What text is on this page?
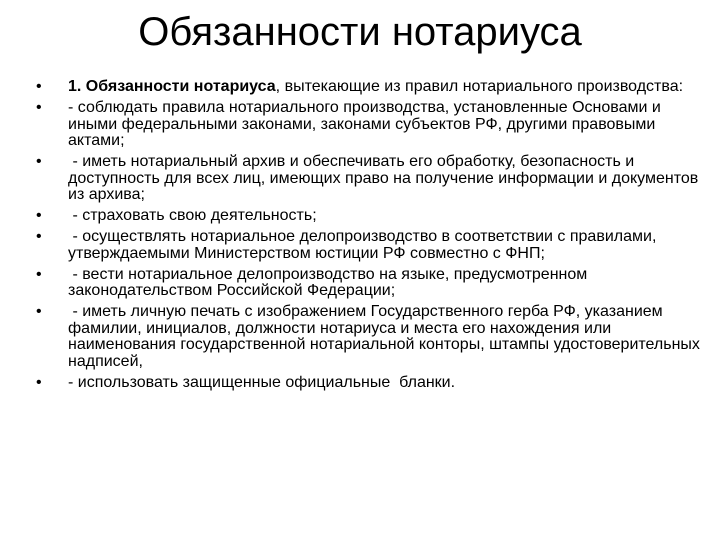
Обязанности нотариуса
•	1. Обязанности нотариуса, вытекающие из правил нотариального производства:
•	- соблюдать правила нотариального производства, установленные Основами и иными федеральными законами, законами субъектов РФ, другими правовыми актами;
•	- иметь нотариальный архив и обеспечивать его обработку, безопасность и доступность для всех лиц, имеющих право на получение информации и документов из архива;
•	- страховать свою деятельность;
•	- осуществлять нотариальное делопроизводство в соответствии с правилами, утверждаемыми Министерством юстиции РФ совместно с ФНП;
•	- вести нотариальное делопроизводство на языке, предусмотренном законодательством Российской Федерации;
•	- иметь личную печать с изображением Государственного герба РФ, указанием фамилии, инициалов, должности нотариуса и места его нахождения или наименования государственной нотариальной конторы, штампы удостоверительных надписей,
•	- использовать защищенные официальные  бланки.
